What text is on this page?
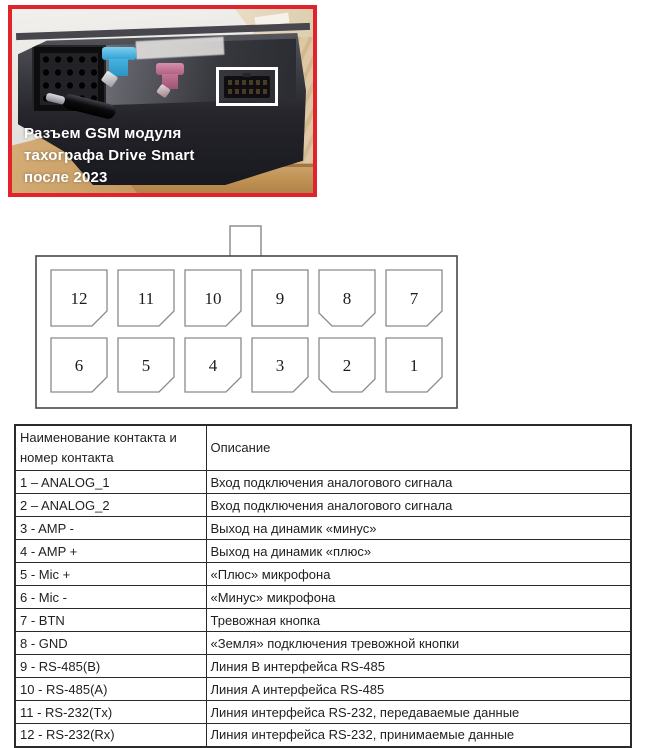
Разъем GSM модуля
тахографа Drive Smart
после 2023
12	11	10	9	8	7
6	5	4	3	2	1
Наименование контакта и номер контакта	Описание
1 – ANALOG_1	Вход подключения аналогового сигнала
2 – ANALOG_2	Вход подключения аналогового сигнала
3 - AMP -	Выход на динамик «минус»
4 - AMP +	Выход на динамик «плюс»
5 - Mic +	«Плюс» микрофона
6 - Mic -	«Минус» микрофона
7 - BTN	Тревожная кнопка
8 - GND	«Земля» подключения тревожной кнопки
9 - RS-485(B)	Линия B интерфейса RS-485
10 - RS-485(A)	Линия A интерфейса RS-485
11 - RS-232(Tx)	Линия интерфейса RS-232, передаваемые данные
12 - RS-232(Rx)	Линия интерфейса RS-232, принимаемые данные
